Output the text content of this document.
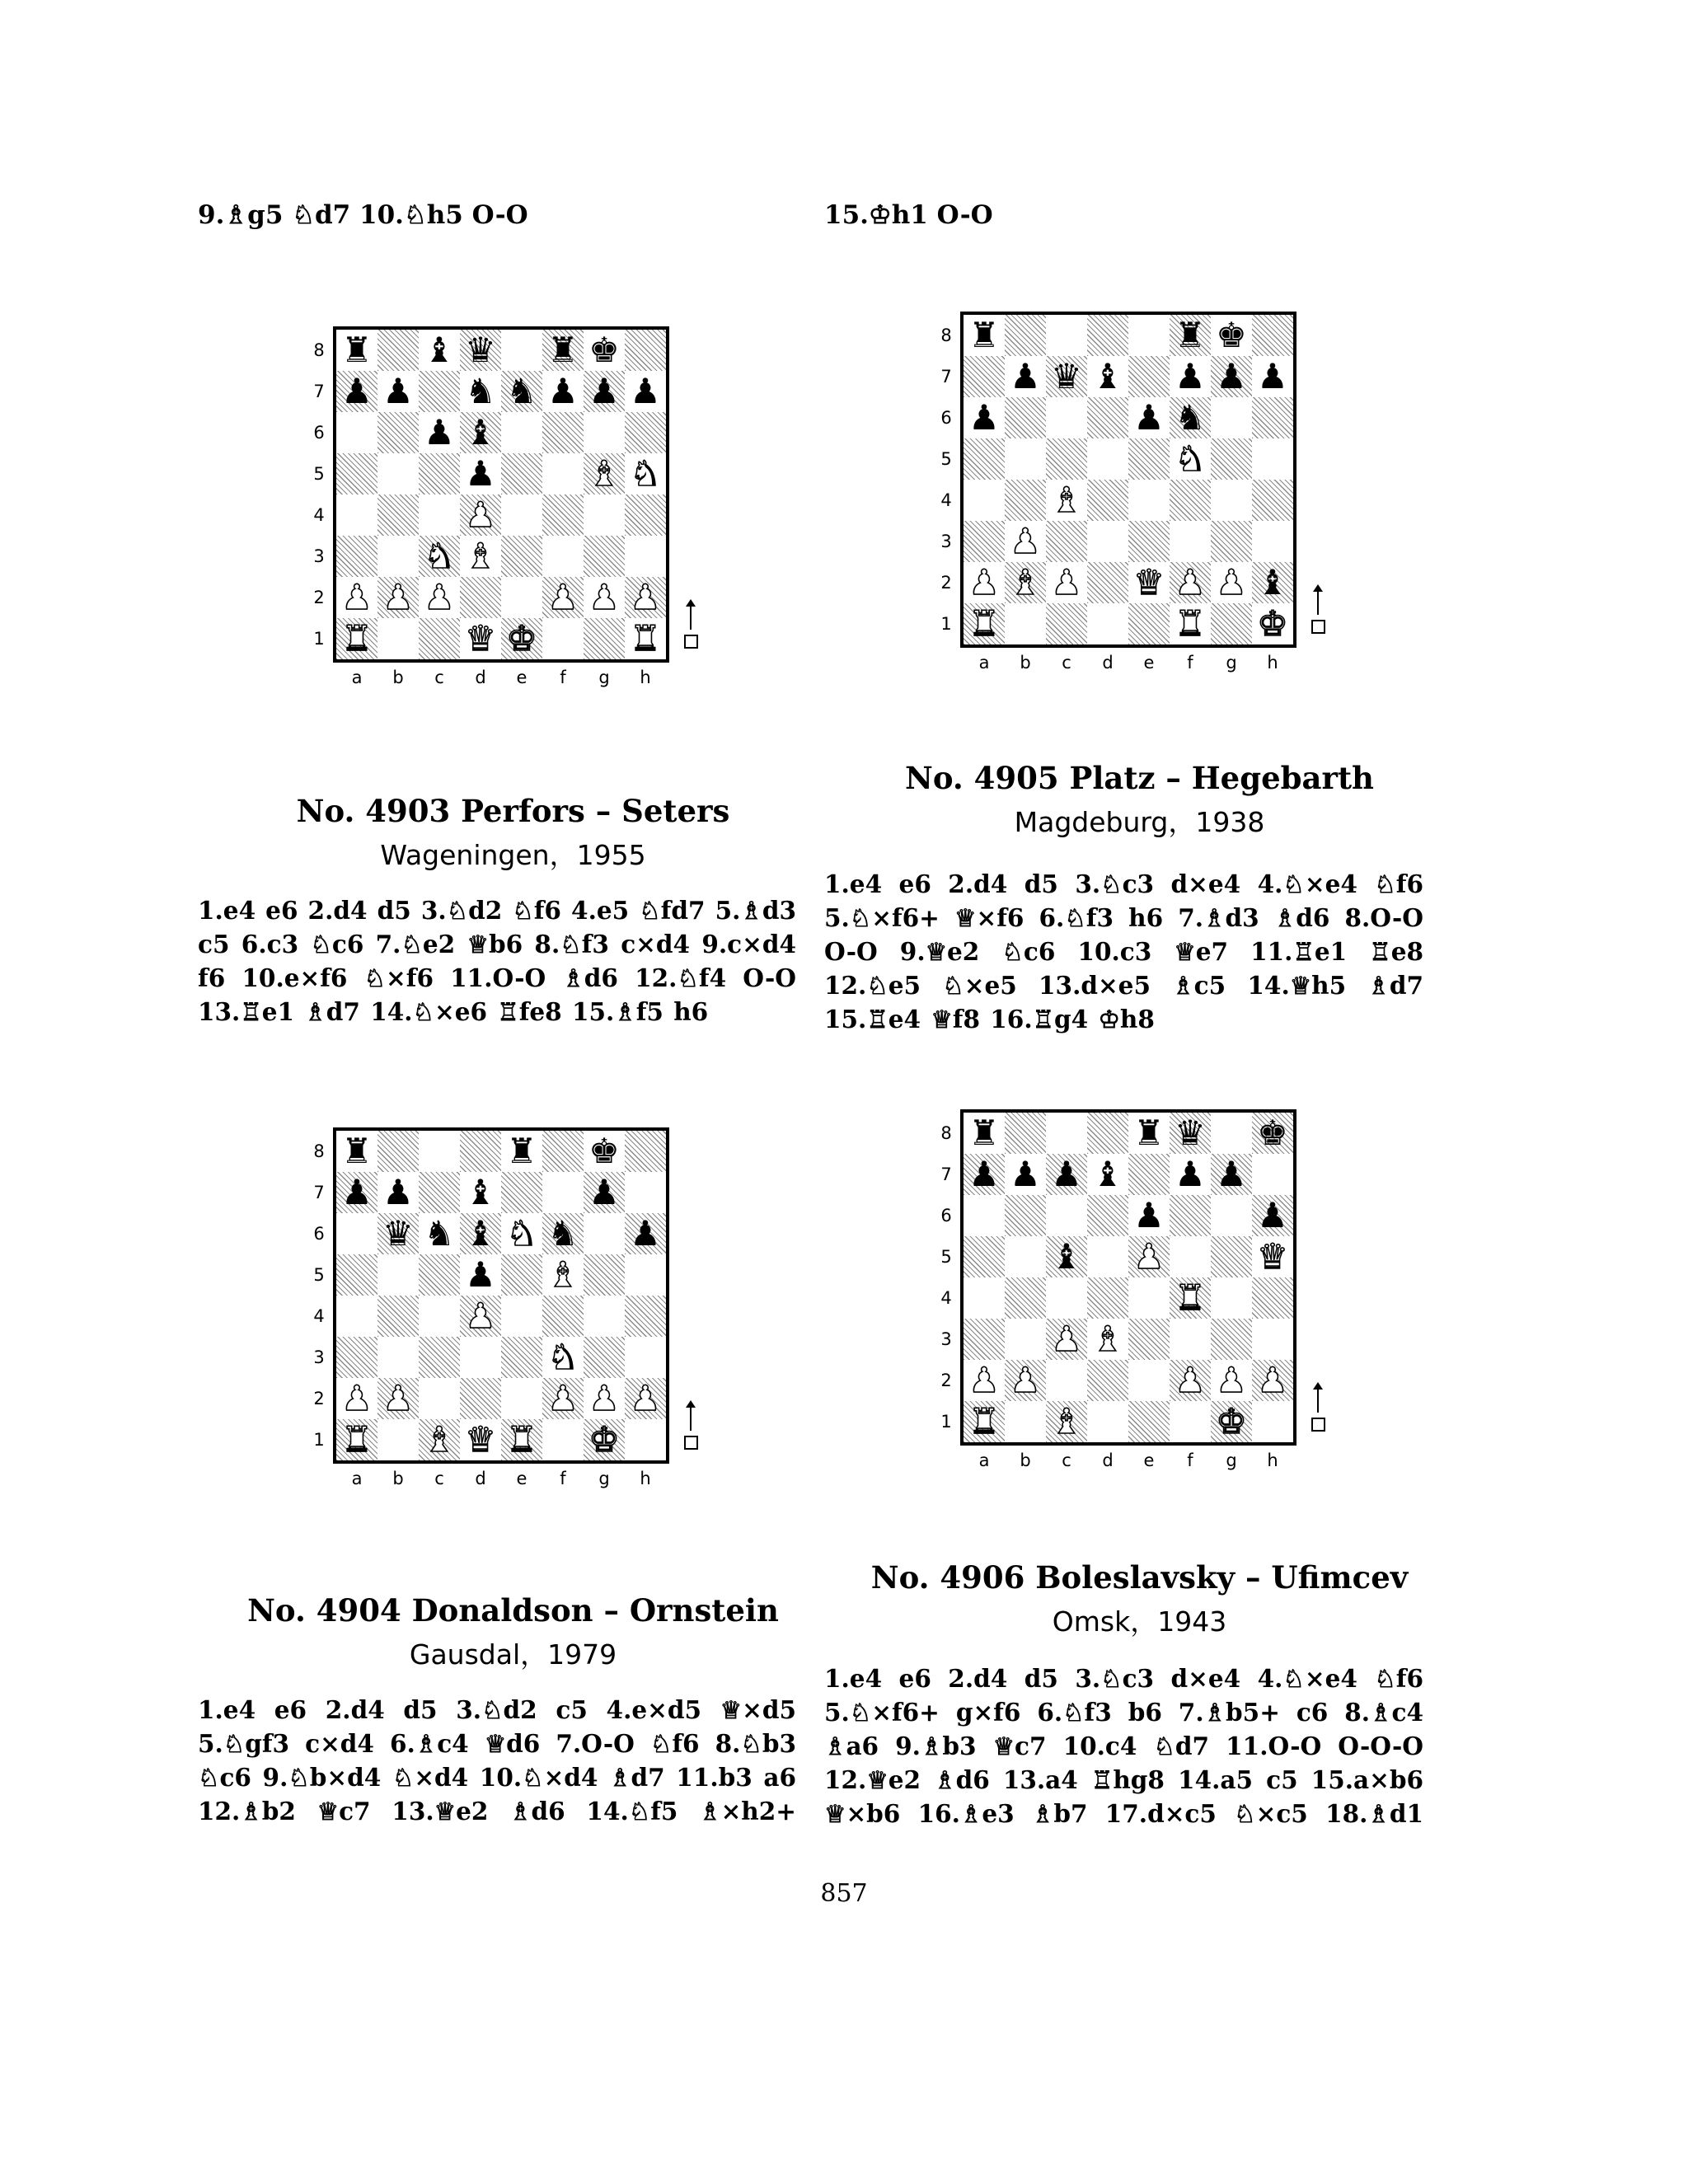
9.♗g5 ♘d7 10.♘h5 O-O	15.♔h1 O-O
No. 4903 Perfors – Seters
Wageningen，1955
1.e4 e6 2.d4 d5 3.♘d2 ♘f6 4.e5 ♘fd7 5.♗d3
c5 6.c3 ♘c6 7.♘e2 ♕b6 8.♘f3 c×d4 9.c×d4
f6 10.e×f6 ♘×f6 11.O-O ♗d6 12.♘f4 O-O
13.♖e1 ♗d7 14.♘×e6 ♖fe8 15.♗f5 h6
No. 4905 Platz – Hegebarth
Magdeburg，1938
1.e4 e6 2.d4 d5 3.♘c3 d×e4 4.♘×e4 ♘f6
5.♘×f6+ ♕×f6 6.♘f3 h6 7.♗d3 ♗d6 8.O-O
O-O 9.♕e2 ♘c6 10.c3 ♕e7 11.♖e1 ♖e8
12.♘e5 ♘×e5 13.d×e5 ♗c5 14.♕h5 ♗d7
15.♖e4 ♕f8 16.♖g4 ♔h8
No. 4904 Donaldson – Ornstein
Gausdal，1979
1.e4 e6 2.d4 d5 3.♘d2 c5 4.e×d5 ♕×d5
5.♘gf3 c×d4 6.♗c4 ♕d6 7.O-O ♘f6 8.♘b3
♘c6 9.♘b×d4 ♘×d4 10.♘×d4 ♗d7 11.b3 a6
12.♗b2 ♕c7 13.♕e2 ♗d6 14.♘f5 ♗×h2+
No. 4906 Boleslavsky – Ufimcev
Omsk，1943
1.e4 e6 2.d4 d5 3.♘c3 d×e4 4.♘×e4 ♘f6
5.♘×f6+ g×f6 6.♘f3 b6 7.♗b5+ c6 8.♗c4
♗a6 9.♗b3 ♕c7 10.c4 ♘d7 11.O-O O-O-O
12.♕e2 ♗d6 13.a4 ♖hg8 14.a5 c5 15.a×b6
♕×b6 16.♗e3 ♗b7 17.d×c5 ♘×c5 18.♗d1
857
♜ ♝ ♛ ♜ ♚
♟ ♟ ♞ ♞ ♟ ♟ ♟
♟ ♝
♟	♝ ♞
♟
♞ ♝
♟ ♟ ♟	♟ ♟ ♟
♜	♛ ♚	♜
8
7
6
5
4
3
2
1
a	b	c	d	e	f	g	h
♜	♜ ♚
♟ ♛ ♝ ♟ ♟ ♟
♟	♟ ♞
♞
♝
♟
♟ ♝ ♟ ♛ ♟ ♟ ♝
♜	♜ ♚
8
7
6
5
4
3
2
1
a	b	c	d	e	f	g	h
♜	♜ ♚
♟ ♟ ♝	♟
♛ ♞ ♝ ♞ ♞ ♟
♟ ♝
♟
♞
♟ ♟	♟ ♟ ♟
♜ ♝ ♛ ♜ ♚
8
7
6
5
4
3
2
1
a	b	c	d	e	f	g	h
♜	♜ ♛ ♚
♟ ♟ ♟ ♝ ♟ ♟
♟	♟
♝ ♟	♛
♜
♟ ♝
♟ ♟	♟ ♟ ♟
♜ ♝	♚
8
7
6
5
4
3
2
1
a	b	c	d	e	f	g	h
